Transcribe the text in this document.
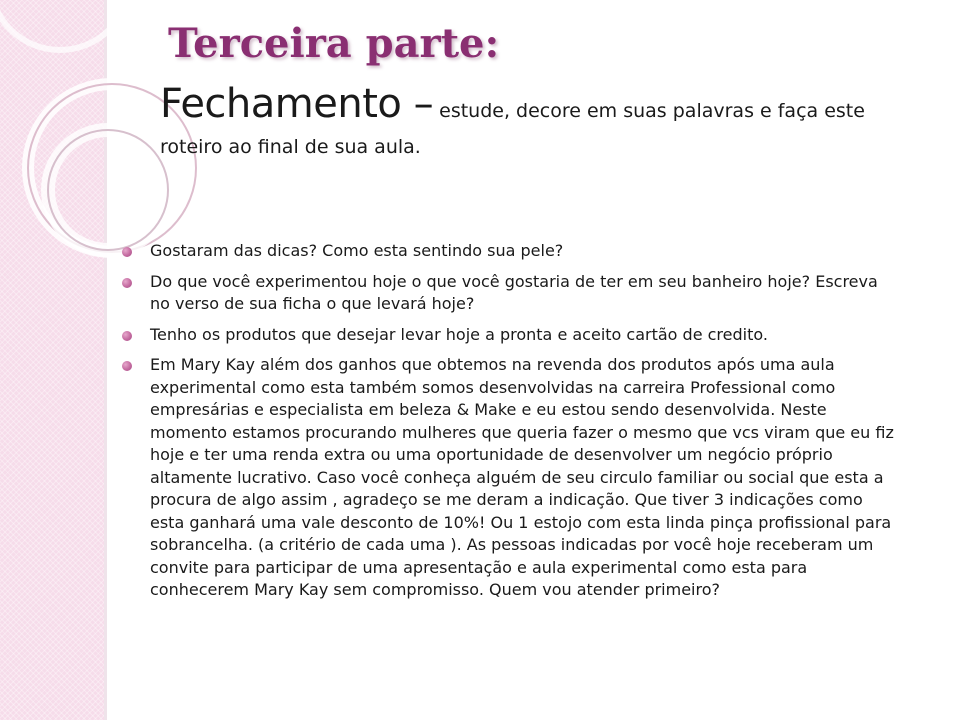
Terceira parte:
Fechamento – estude, decore em suas palavras e faça este
roteiro ao final de sua aula.
Gostaram das dicas? Como esta sentindo sua pele?
Do que você experimentou hoje o que você gostaria de ter em seu banheiro hoje? Escreva no verso de sua ficha o que levará hoje?
Tenho os produtos que desejar levar hoje a pronta e aceito cartão de credito.
Em Mary Kay além dos ganhos que obtemos na revenda dos produtos após uma aula experimental como esta também somos desenvolvidas na carreira Professional como empresárias e especialista em beleza & Make e eu estou sendo desenvolvida. Neste momento estamos procurando mulheres que queria fazer o mesmo que vcs viram que eu fiz hoje e ter uma renda extra ou uma oportunidade de desenvolver um negócio próprio altamente lucrativo. Caso você conheça alguém de seu circulo familiar ou social que esta a procura de algo assim , agradeço se me deram a indicação. Que tiver 3 indicações como esta ganhará uma vale desconto de 10%! Ou 1 estojo com esta linda pinça profissional para sobrancelha. (a critério de cada uma ). As pessoas indicadas por você hoje receberam um convite para participar de uma apresentação e aula experimental como esta para conhecerem Mary Kay sem compromisso. Quem vou atender primeiro?
